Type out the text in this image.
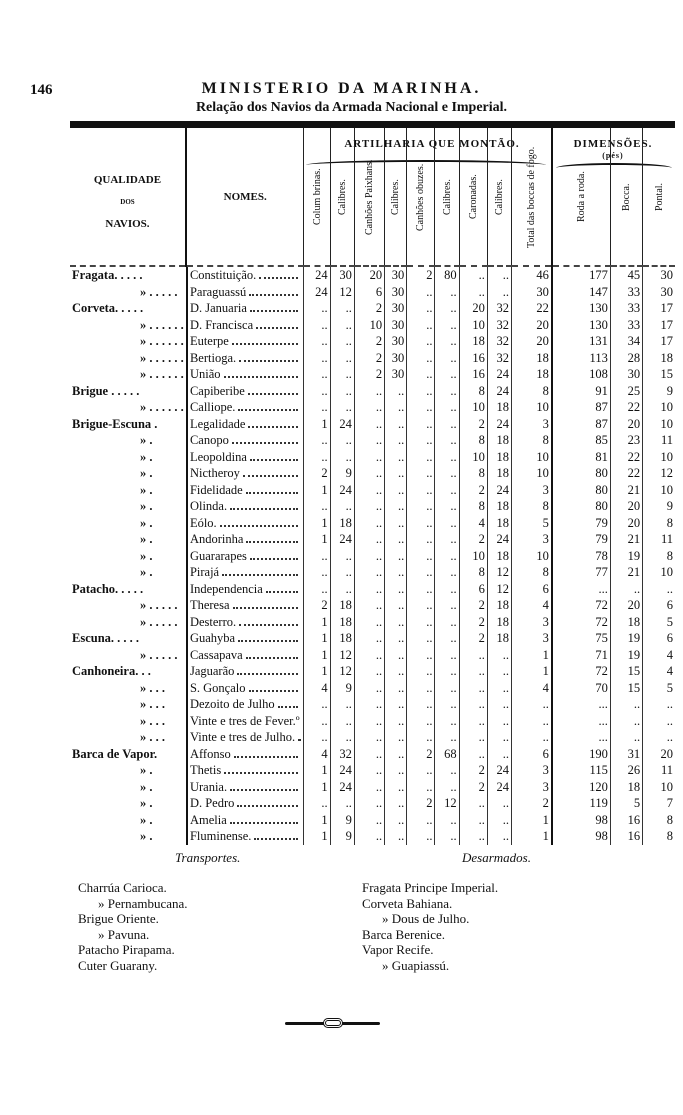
146	MINISTERIO DA MARINHA.
Relação dos Navios da Armada Nacional e Imperial.
ARTILHARIA QUE MONTÃO.	DIMENSÕES.
(pés)
QUALIDADE
DOS
NAVIOS.	NOMES.	Colum brinas.	Calibres.	Canhões Paixhans.	Calibres.	Canhões obuzes.	Calibres.	Caronadas.	Calibres.	Total das boccas de fogo.	Roda a roda.	Bocca.	Pontal.

Fragata. . . . .		Constituição.	24	30	20	30	2	80	..	..	46	177	45	30
» . . . . .	Paraguassú	24	12	6	30	..	..	..	..	30	147	33	30
Corveta. . . . .		D. Januaria	..	..	2	30	..	..	20	32	22	130	33	17
» . . . . . .	D. Francisca	..	..	10	30	..	..	10	32	20	130	33	17
» . . . . . .	Euterpe	..	..	2	30	..	..	18	32	20	131	34	17
» . . . . . .	Bertioga.	..	..	2	30	..	..	16	32	18	113	28	18
» . . . . . .	União	..	..	2	30	..	..	16	24	18	108	30	15
Brigue . . . . .		Capiberibe	..	..	..	..	..	..	8	24	8	91	25	9
» . . . . . .	Calliope.	..	..	..	..	..	..	10	18	10	87	22	10
Brigue-Escuna .		Legalidade	1	24	..	..	..	..	2	24	3	87	20	10
» .		Canopo	..	..	..	..	..	..	8	18	8	85	23	11
» .		Leopoldina	..	..	..	..	..	..	10	18	10	81	22	10
» .		Nictheroy	2	9	..	..	..	..	8	18	10	80	22	12
» .		Fidelidade	1	24	..	..	..	..	2	24	3	80	21	10
» .		Olinda.	..	..	..	..	..	..	8	18	8	80	20	9
» .		Eólo.	1	18	..	..	..	..	4	18	5	79	20	8
» .		Andorinha	1	24	..	..	..	..	2	24	3	79	21	11
» .		Guararapes	..	..	..	..	..	..	10	18	10	78	19	8
» .		Pirajá	..	..	..	..	..	..	8	12	8	77	21	10
Patacho. . . . .		Independencia	..	..	..	..	..	..	6	12	6	...	..	..
» . . . . .	Theresa	2	18	..	..	..	..	2	18	4	72	20	6
» . . . . .	Desterro.	1	18	..	..	..	..	2	18	3	72	18	5
Escuna. . . . .		Guahyba	1	18	..	..	..	..	2	18	3	75	19	6
» . . . . .	Cassapava	1	12	..	..	..	..	..	..	1	71	19	4
Canhoneira. . .		Jaguarão	1	12	..	..	..	..	..	..	1	72	15	4
» . . .	S. Gonçalo	4	9	..	..	..	..	..	..	4	70	15	5
» . . .	Dezoito de Julho	..	..	..	..	..	..	..	..	..	...	..	..
» . . .	Vinte e tres de Fever.º ..	..	..	..	..	..	..	..	..	...	..	..
» . . .	Vinte e tres de Julho. ..	..	..	..	..	..	..	..	..	...	..	..
Barca de Vapor.		Affonso	4	32	..	..	2	68	..	..	6	190	31	20
» .		Thetis	1	24	..	..	..	..	2	24	3	115	26	11
» .		Urania.	1	24	..	..	..	..	2	24	3	120	18	10
» .		D. Pedro	..	..	..	..	2	12	..	..	2	119	5	7
» .		Amelia	1	9	..	..	..	..	..	..	1	98	16	8
» .		Fluminense.	1	9	..	..	..	..	..	..	1	98	16	8
Transportes.	Desarmados.
Charrúa Carioca.
» Pernambucana.
Brigue Oriente.
» Pavuna.
Patacho Pirapama.
Cuter Guarany.
Fragata Principe Imperial.
Corveta Bahiana.
» Dous de Julho.
Barca Berenice.
Vapor Recife.
» Guapiassú.
